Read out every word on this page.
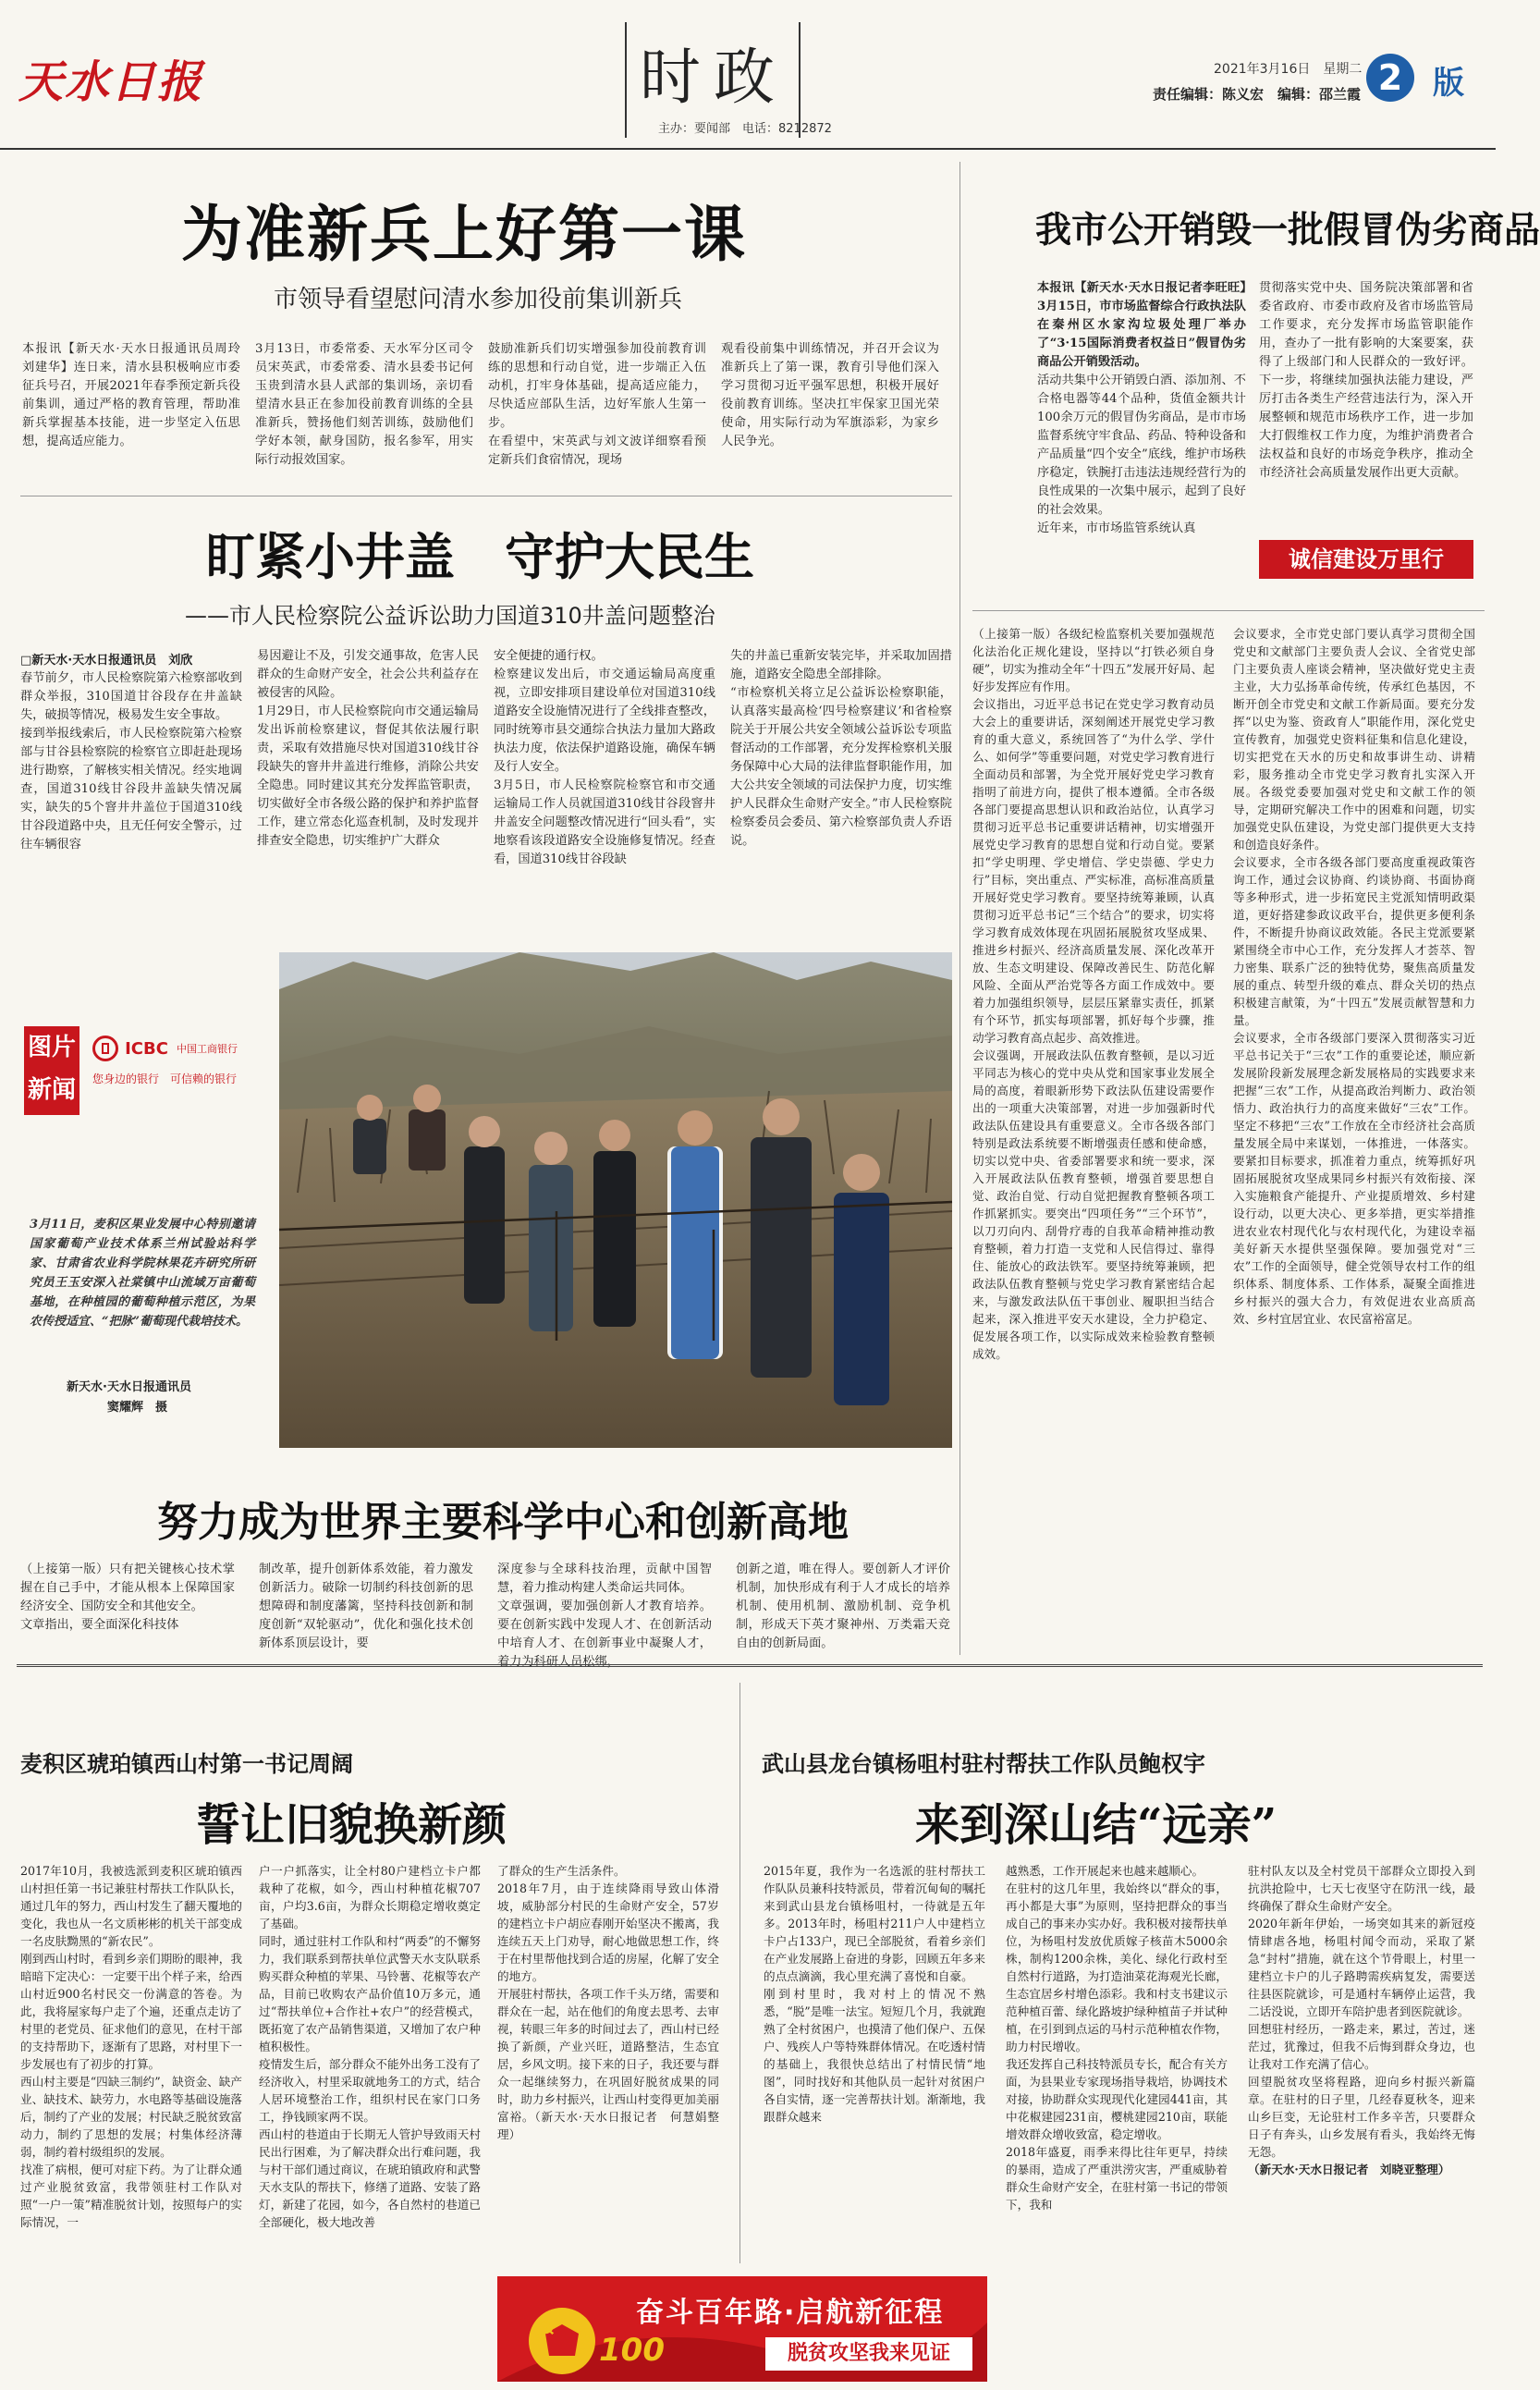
天水日报	时政
主办：要闻部　电话：8212872
2021年3月16日　星期二
责任编辑：陈义宏　编辑：邵兰霞 2 版
为准新兵上好第一课
市领导看望慰问清水参加役前集训新兵
本报讯【新天水·天水日报通讯员周玲　刘建华】连日来，清水县积极响应市委征兵号召，开展2021年春季预定新兵役前集训，通过严格的教育管理，帮助准新兵掌握基本技能，进一步坚定入伍思想，提高适应能力。
3月13日，市委常委、天水军分区司令员宋英武，市委常委、清水县委书记何玉贵到清水县人武部的集训场，亲切看望清水县正在参加役前教育训练的全县准新兵，赞扬他们刻苦训练，鼓励他们学好本领，献身国防，报名参军，用实际行动报效国家。
鼓励准新兵们切实增强参加役前教育训练的思想和行动自觉，进一步端正入伍动机，打牢身体基础，提高适应能力，尽快适应部队生活，边好军旅人生第一步。
在看望中，宋英武与刘文波详细察看预定新兵们食宿情况，现场
观看役前集中训练情况，并召开会议为准新兵上了第一课，教育引导他们深入学习贯彻习近平强军思想，积极开展好役前教育训练。坚决扛牢保家卫国光荣使命，用实际行动为军旗添彩，为家乡人民争光。
我市公开销毁一批假冒伪劣商品
本报讯【新天水·天水日报记者李旺旺】3月15日，市市场监督综合行政执法队在秦州区水家沟垃圾处理厂举办了“3·15国际消费者权益日”假冒伪劣商品公开销毁活动。
活动共集中公开销毁白酒、添加剂、不合格电器等44个品种，货值金额共计100余万元的假冒伪劣商品，是市市场监督系统守牢食品、药品、特种设备和产品质量“四个安全”底线，维护市场秩序稳定，铁腕打击违法违规经营行为的良性成果的一次集中展示，起到了良好的社会效果。
近年来，市市场监管系统认真
贯彻落实党中央、国务院决策部署和省委省政府、市委市政府及省市场监管局工作要求，充分发挥市场监管职能作用，查办了一批有影响的大案要案，获得了上级部门和人民群众的一致好评。下一步，将继续加强执法能力建设，严厉打击各类生产经营违法行为，深入开展整顿和规范市场秩序工作，进一步加大打假维权工作力度，为维护消费者合法权益和良好的市场竞争秩序，推动全市经济社会高质量发展作出更大贡献。
诚信建设万里行
盯紧小井盖　守护大民生
——市人民检察院公益诉讼助力国道310井盖问题整治
□新天水·天水日报通讯员　刘欣
春节前夕，市人民检察院第六检察部收到群众举报，310国道甘谷段存在井盖缺失，破损等情况，极易发生安全事故。
接到举报线索后，市人民检察院第六检察部与甘谷县检察院的检察官立即赶赴现场进行勘察，了解核实相关情况。经实地调查，国道310线甘谷段井盖缺失情况属实，缺失的5个窨井井盖位于国道310线甘谷段道路中央，且无任何安全警示，过往车辆很容
易因避让不及，引发交通事故，危害人民群众的生命财产安全，社会公共利益存在被侵害的风险。
1月29日，市人民检察院向市交通运输局发出诉前检察建议，督促其依法履行职责，采取有效措施尽快对国道310线甘谷段缺失的窨井井盖进行维修，消除公共安全隐患。同时建议其充分发挥监管职责，切实做好全市各级公路的保护和养护监督工作，建立常态化巡查机制，及时发现并排查安全隐患，切实维护广大群众
安全便捷的通行权。
检察建议发出后，市交通运输局高度重视，立即安排项目建设单位对国道310线道路安全设施情况进行了全线排查整改，同时统筹市县交通综合执法力量加大路政执法力度，依法保护道路设施，确保车辆及行人安全。
3月5日，市人民检察院检察官和市交通运输局工作人员就国道310线甘谷段窨井井盖安全问题整改情况进行“回头看”，实地察看该段道路安全设施修复情况。经查看，国道310线甘谷段缺
失的井盖已重新安装完毕，并采取加固措施，道路安全隐患全部排除。
“市检察机关将立足公益诉讼检察职能，认真落实最高检‘四号检察建议’和省检察院关于开展公共安全领域公益诉讼专项监督活动的工作部署，充分发挥检察机关服务保障中心大局的法律监督职能作用，加大公共安全领域的司法保护力度，切实维护人民群众生命财产安全。”市人民检察院检察委员会委员、第六检察部负责人乔语说。
图片
新闻
ICBC 中国工商银行
您身边的银行　可信赖的银行
3月11日，麦积区果业发展中心特别邀请国家葡萄产业技术体系兰州试验站科学家、甘肃省农业科学院林果花卉研究所研究员王玉安深入社棠镇中山流域万亩葡萄基地，在种植园的葡萄种植示范区，为果农传授适宜、“把脉”葡萄现代栽培技术。
新天水·天水日报通讯员
窦耀辉　摄
努力成为世界主要科学中心和创新高地
（上接第一版）只有把关键核心技术掌握在自己手中，才能从根本上保障国家经济安全、国防安全和其他安全。
文章指出，要全面深化科技体
制改革，提升创新体系效能，着力激发创新活力。破除一切制约科技创新的思想障碍和制度藩篱，坚持科技创新和制度创新“双轮驱动”，优化和强化技术创新体系顶层设计，要
深度参与全球科技治理，贡献中国智慧，着力推动构建人类命运共同体。
文章强调，要加强创新人才教育培养。要在创新实践中发现人才、在创新活动中培育人才、在创新事业中凝聚人才，着力为科研人员松绑，
创新之道，唯在得人。要创新人才评价机制，加快形成有利于人才成长的培养机制、使用机制、激励机制、竞争机制，形成天下英才聚神州、万类霜天竞自由的创新局面。
（上接第一版）各级纪检监察机关要加强规范化法治化正规化建设，坚持以“打铁必须自身硬”，切实为推动全年“十四五”发展开好局、起好步发挥应有作用。
会议指出，习近平总书记在党史学习教育动员大会上的重要讲话，深刻阐述开展党史学习教育的重大意义，系统回答了“为什么学、学什么、如何学”等重要问题，对党史学习教育进行全面动员和部署，为全党开展好党史学习教育指明了前进方向，提供了根本遵循。全市各级各部门要提高思想认识和政治站位，认真学习贯彻习近平总书记重要讲话精神，切实增强开展党史学习教育的思想自觉和行动自觉。要紧扣“学史明理、学史增信、学史崇德、学史力行”目标，突出重点、严实标准，高标准高质量开展好党史学习教育。要坚持统筹兼顾，认真贯彻习近平总书记“三个结合”的要求，切实将学习教育成效体现在巩固拓展脱贫攻坚成果、推进乡村振兴、经济高质量发展、深化改革开放、生态文明建设、保障改善民生、防范化解风险、全面从严治党等各方面工作成效中。要着力加强组织领导，层层压紧靠实责任，抓紧有个环节，抓实每项部署，抓好每个步骤，推动学习教育高点起步、高效推进。
会议强调，开展政法队伍教育整顿，是以习近平同志为核心的党中央从党和国家事业发展全局的高度，着眼新形势下政法队伍建设需要作出的一项重大决策部署，对进一步加强新时代政法队伍建设具有重要意义。全市各级各部门特别是政法系统要不断增强责任感和使命感，切实以党中央、省委部署要求和统一要求，深入开展政法队伍教育整顿，增强首要思想自觉、政治自觉、行动自觉把握教育整顿各项工作抓紧抓实。要突出“四项任务”“三个环节”，以刀刃向内、刮骨疗毒的自我革命精神推动教育整顿，着力打造一支党和人民信得过、靠得住、能放心的政法铁军。要坚持统筹兼顾，把政法队伍教育整顿与党史学习教育紧密结合起来，与激发政法队伍干事创业、履职担当结合起来，深入推进平安天水建设，全力护稳定、促发展各项工作，以实际成效来检验教育整顿成效。
会议要求，全市党史部门要认真学习贯彻全国党史和文献部门主要负责人会议、全省党史部门主要负责人座谈会精神，坚决做好党史主责主业，大力弘扬革命传统，传承红色基因，不断开创全市党史和文献工作新局面。要充分发挥“以史为鉴、资政育人”职能作用，深化党史宣传教育，加强党史资料征集和信息化建设，切实把党在天水的历史和故事讲生动、讲精彩，服务推动全市党史学习教育扎实深入开展。各级党委要加强对党史和文献工作的领导，定期研究解决工作中的困难和问题，切实加强党史队伍建设，为党史部门提供更大支持和创造良好条件。
会议要求，全市各级各部门要高度重视政策咨询工作，通过会议协商、约谈协商、书面协商等多种形式，进一步拓宽民主党派知情明政渠道，更好搭建参政议政平台，提供更多便利条件，不断提升协商议政效能。各民主党派要紧紧围绕全市中心工作，充分发挥人才荟萃、智力密集、联系广泛的独特优势，聚焦高质量发展的重点、转型升级的难点、群众关切的热点积极建言献策，为“十四五”发展贡献智慧和力量。
会议要求，全市各级部门要深入贯彻落实习近平总书记关于“三农”工作的重要论述，顺应新发展阶段新发展理念新发展格局的实践要求来把握“三农”工作，从提高政治判断力、政治领悟力、政治执行力的高度来做好“三农”工作。坚定不移把“三农”工作放在全市经济社会高质量发展全局中来谋划，一体推进，一体落实。要紧扣目标要求，抓准着力重点，统筹抓好巩固拓展脱贫攻坚成果同乡村振兴有效衔接、深入实施粮食产能提升、产业提质增效、乡村建设行动，以更大决心、更多举措，更实举措推进农业农村现代化与农村现代化，为建设幸福美好新天水提供坚强保障。要加强党对“三农”工作的全面领导，健全党领导农村工作的组织体系、制度体系、工作体系，凝聚全面推进乡村振兴的强大合力，有效促进农业高质高效、乡村宜居宜业、农民富裕富足。
麦积区琥珀镇西山村第一书记周阔
誓让旧貌换新颜
2017年10月，我被选派到麦积区琥珀镇西山村担任第一书记兼驻村帮扶工作队队长，通过几年的努力，西山村发生了翻天覆地的变化，我也从一名文质彬彬的机关干部变成一名皮肤黝黑的“新农民”。
刚到西山村时，看到乡亲们期盼的眼神，我暗暗下定决心：一定要干出个样子来，给西山村近900名村民交一份满意的答卷。为此，我将屋家每户走了个遍，还重点走访了村里的老党员、征求他们的意见，在村干部的支持帮助下，逐渐有了思路，对村里下一步发展也有了初步的打算。
西山村主要是“四缺三制约”，缺资金、缺产业、缺技术、缺劳力，水电路等基础设施落后，制约了产业的发展；村民缺乏脱贫致富动力，制约了思想的发展；村集体经济薄弱，制约着村级组织的发展。
找准了病根，便可对症下药。为了让群众通过产业脱贫致富，我带领驻村工作队对照“一户一策”精准脱贫计划，按照每户的实际情况，一
户一户抓落实，让全村80户建档立卡户都栽种了花椒，如今，西山村种植花椒707亩，户均3.6亩，为群众长期稳定增收奠定了基础。
同时，通过驻村工作队和村“两委”的不懈努力，我们联系到帮扶单位武警天水支队联系购买群众种植的苹果、马铃薯、花椒等农产品，目前已收购农产品价值10万多元，通过“帮扶单位+合作社+农户”的经营模式，既拓宽了农产品销售渠道，又增加了农户种植积极性。
疫情发生后，部分群众不能外出务工没有了经济收入，村里采取就地务工的方式，结合人居环境整治工作，组织村民在家门口务工，挣钱顾家两不误。
西山村的巷道由于长期无人管护导致雨天村民出行困难，为了解决群众出行难问题，我与村干部们通过商议，在琥珀镇政府和武警天水支队的帮扶下，修缮了道路、安装了路灯，新建了花园，如今，各自然村的巷道已全部硬化，极大地改善
了群众的生产生活条件。
2018年7月，由于连续降雨导致山体滑坡，威胁部分村民的生命财产安全，57岁的建档立卡户胡应春刚开始坚决不搬离，我连续五天上门劝导，耐心地做思想工作，终于在村里帮他找到合适的房屋，化解了安全的地方。
开展驻村帮扶，各项工作千头万绪，需要和群众在一起，站在他们的角度去思考、去审视，转眼三年多的时间过去了，西山村已经换了新颜，产业兴旺，道路整洁，生态宜居，乡风文明。接下来的日子，我还要与群众一起继续努力，在巩固好脱贫成果的同时，助力乡村振兴，让西山村变得更加美丽富裕。（新天水·天水日报记者　何慧娟整理）
武山县龙台镇杨咀村驻村帮扶工作队员鲍权宇
来到深山结“远亲”
2015年夏，我作为一名选派的驻村帮扶工作队队员兼科技特派员，带着沉甸甸的嘱托来到武山县龙台镇杨咀村，一待就是五年多。2013年时，杨咀村211户人中建档立卡户占133户，现已全部脱贫，看着乡亲们在产业发展路上奋进的身影，回顾五年多来的点点滴滴，我心里充满了喜悦和自豪。
刚到村里时，我对村上的情况不熟悉，“脱”是唯一法宝。短短几个月，我就跑熟了全村贫困户，也摸清了他们保户、五保户、残疾人户等特殊群体情况。在吃透村情的基础上，我很快总结出了村情民情“地图”，同时找好和其他队员一起针对贫困户各自实情，逐一完善帮扶计划。渐渐地，我跟群众越来
越熟悉，工作开展起来也越来越顺心。
在驻村的这几年里，我始终以“群众的事，再小都是大事”为原则，坚持把群众的事当成自己的事来办实办好。我积极对接帮扶单位，为杨咀村发放优质嫁子核苗木5000余株，制构1200余株，美化、绿化行政村至自然村行道路，为打造油菜花海观光长廊，生态宜居乡村增色添彩。我和村支书建议示范种植百蕾、绿化路坡护绿种植苗子并试种植，在引到到点运的马村示范种植农作物，助力村民增收。
我还发挥自己科技特派员专长，配合有关方面，为县果业专家现场指导栽培，协调技术对接，协助群众实现现代化建园441亩，其中花椒建园231亩，樱桃建园210亩，联能增效群众增收致富，稳定增收。
2018年盛夏，雨季来得比往年更早，持续的暴雨，造成了严重洪涝灾害，严重威胁着群众生命财产安全，在驻村第一书记的带领下，我和
驻村队友以及全村党员干部群众立即投入到抗洪抢险中，七天七夜坚守在防汛一线，最终确保了群众生命财产安全。
2020年新年伊始，一场突如其来的新冠疫情肆虐各地，杨咀村闻令而动，采取了紧急“封村”措施，就在这个节骨眼上，村里一建档立卡户的儿子路聘需疾病复发，需要送往县医院就诊，可是通村车辆停止运营，我二话没说，立即开车陪护患者到医院就诊。
回想驻村经历，一路走来，累过，苦过，迷茫过，犹豫过，但我不后悔到群众身边，也让我对工作充满了信心。
回望脱贫攻坚将程路，迎向乡村振兴新篇章。在驻村的日子里，几经春夏秋冬，迎来山乡巨变，无论驻村工作多辛苦，只要群众日子有奔头，山乡发展有看头，我始终无悔无怨。
（新天水·天水日报记者　刘晓亚整理）
☭
100
奋斗百年路·启航新征程
脱贫攻坚我来见证
